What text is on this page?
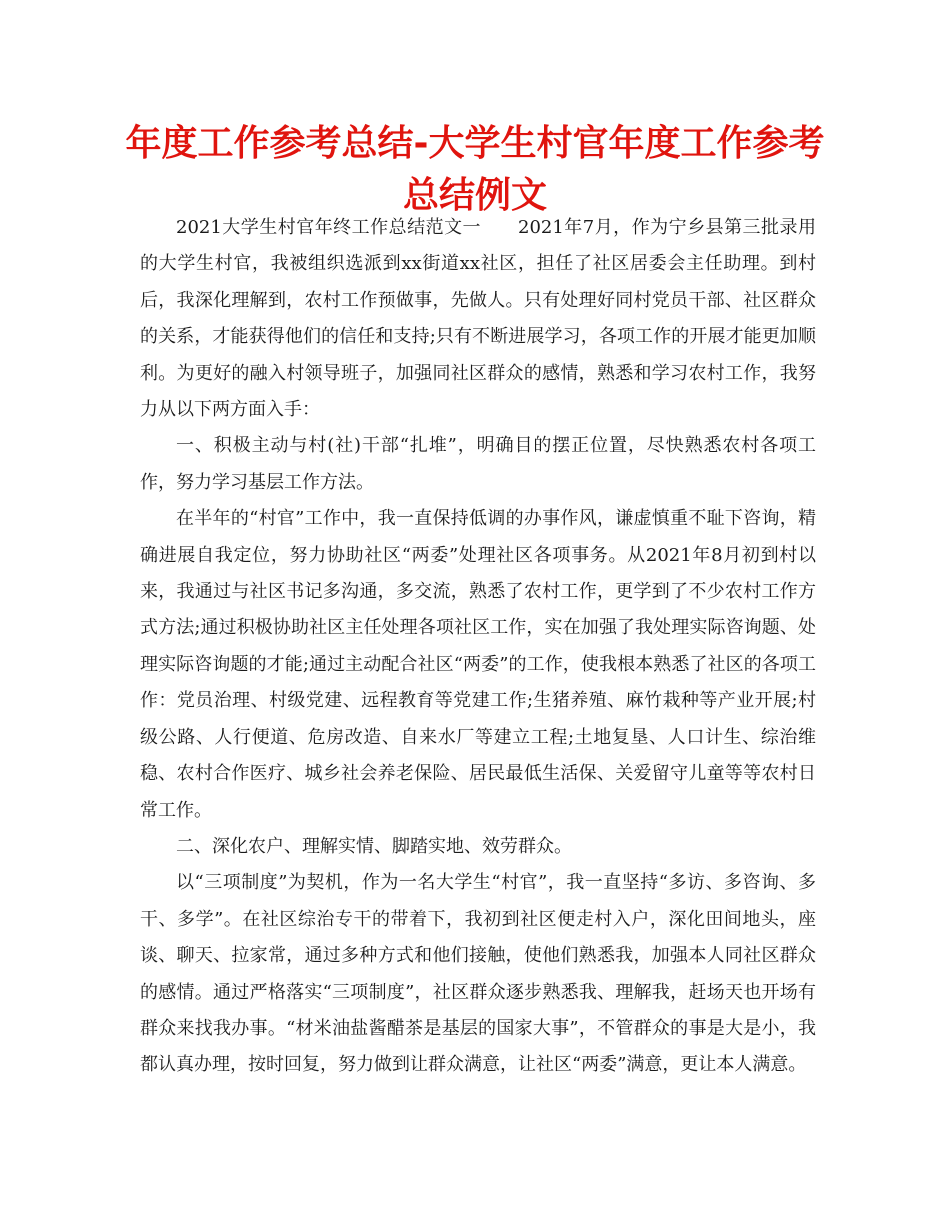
年度工作参考总结-大学生村官年度工作参考总结例文

2021大学生村官年终工作总结范文一　　2021年7月，作为宁乡县第三批录用的大学生村官，我被组织选派到xx街道xx社区，担任了社区居委会主任助理。到村后，我深化理解到，农村工作预做事，先做人。只有处理好同村党员干部、社区群众的关系，才能获得他们的信任和支持;只有不断进展学习，各项工作的开展才能更加顺利。为更好的融入村领导班子，加强同社区群众的感情，熟悉和学习农村工作，我努力从以下两方面入手：

一、积极主动与村(社)干部“扎堆”，明确目的摆正位置，尽快熟悉农村各项工作，努力学习基层工作方法。

在半年的“村官”工作中，我一直保持低调的办事作风，谦虚慎重不耻下咨询，精确进展自我定位，努力协助社区“两委”处理社区各项事务。从2021年8月初到村以来，我通过与社区书记多沟通，多交流，熟悉了农村工作，更学到了不少农村工作方式方法;通过积极协助社区主任处理各项社区工作，实在加强了我处理实际咨询题、处理实际咨询题的才能;通过主动配合社区“两委”的工作，使我根本熟悉了社区的各项工作：党员治理、村级党建、远程教育等党建工作;生猪养殖、麻竹栽种等产业开展;村级公路、人行便道、危房改造、自来水厂等建立工程;土地复垦、人口计生、综治维稳、农村合作医疗、城乡社会养老保险、居民最低生活保、关爱留守儿童等等农村日常工作。

二、深化农户、理解实情、脚踏实地、效劳群众。

以“三项制度”为契机，作为一名大学生“村官”，我一直坚持“多访、多咨询、多干、多学”。在社区综治专干的带着下，我初到社区便走村入户，深化田间地头，座谈、聊天、拉家常，通过多种方式和他们接触，使他们熟悉我，加强本人同社区群众的感情。通过严格落实“三项制度”，社区群众逐步熟悉我、理解我，赶场天也开场有群众来找我办事。“材米油盐酱醋茶是基层的国家大事”，不管群众的事是大是小，我都认真办理，按时回复，努力做到让群众满意，让社区“两委”满意，更让本人满意。
